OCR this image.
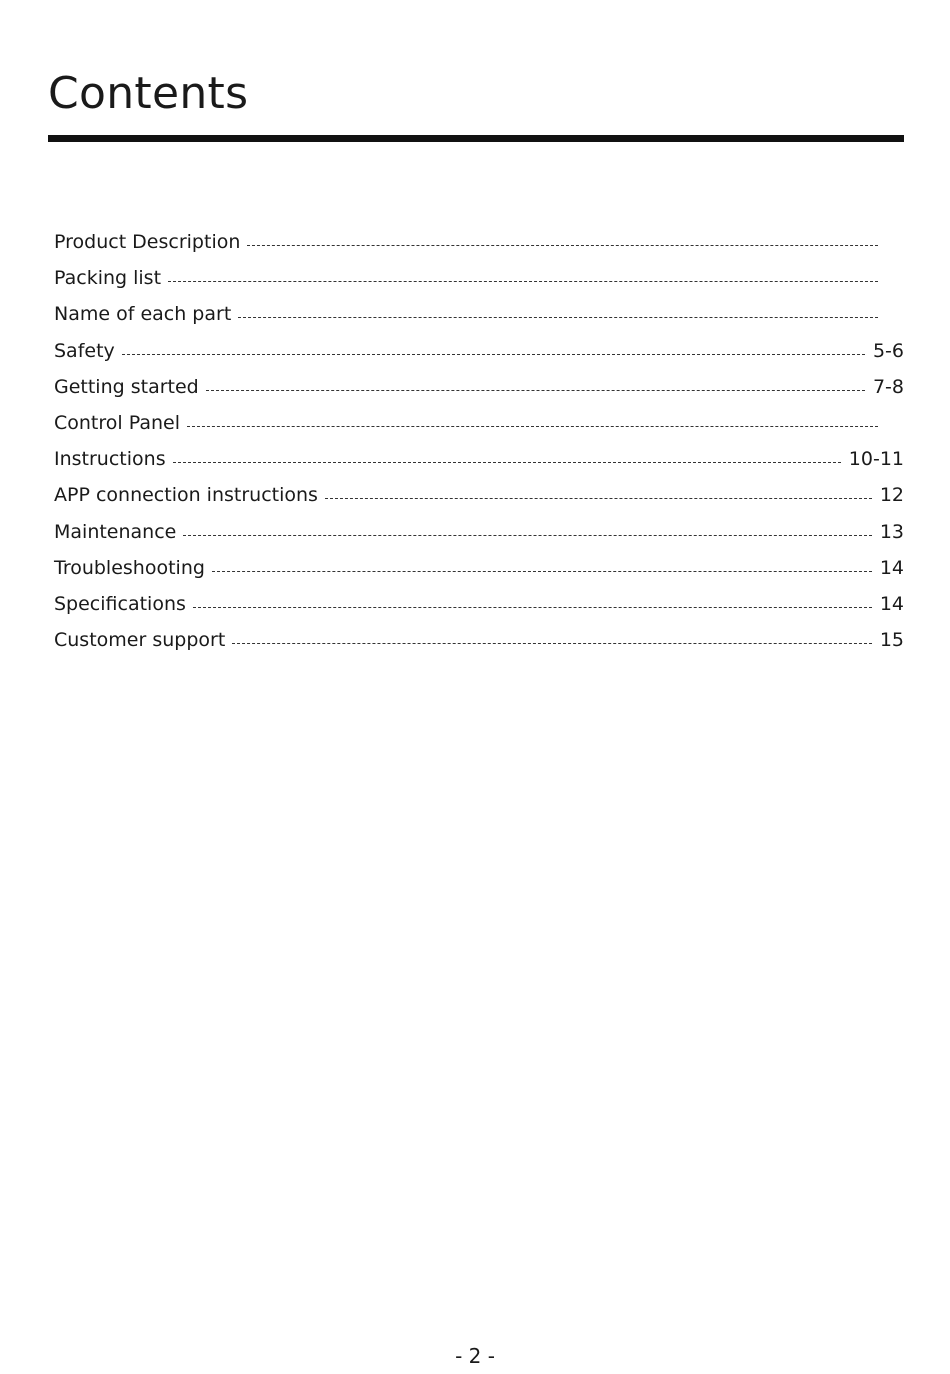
Contents
Product Description
Packing list
Name of each part
Safety	5-6
Getting started	7-8
Control Panel
Instructions	10-11
APP connection instructions	12
Maintenance	13
Troubleshooting	14
Specifications	14
Customer support	15
- 2 -
